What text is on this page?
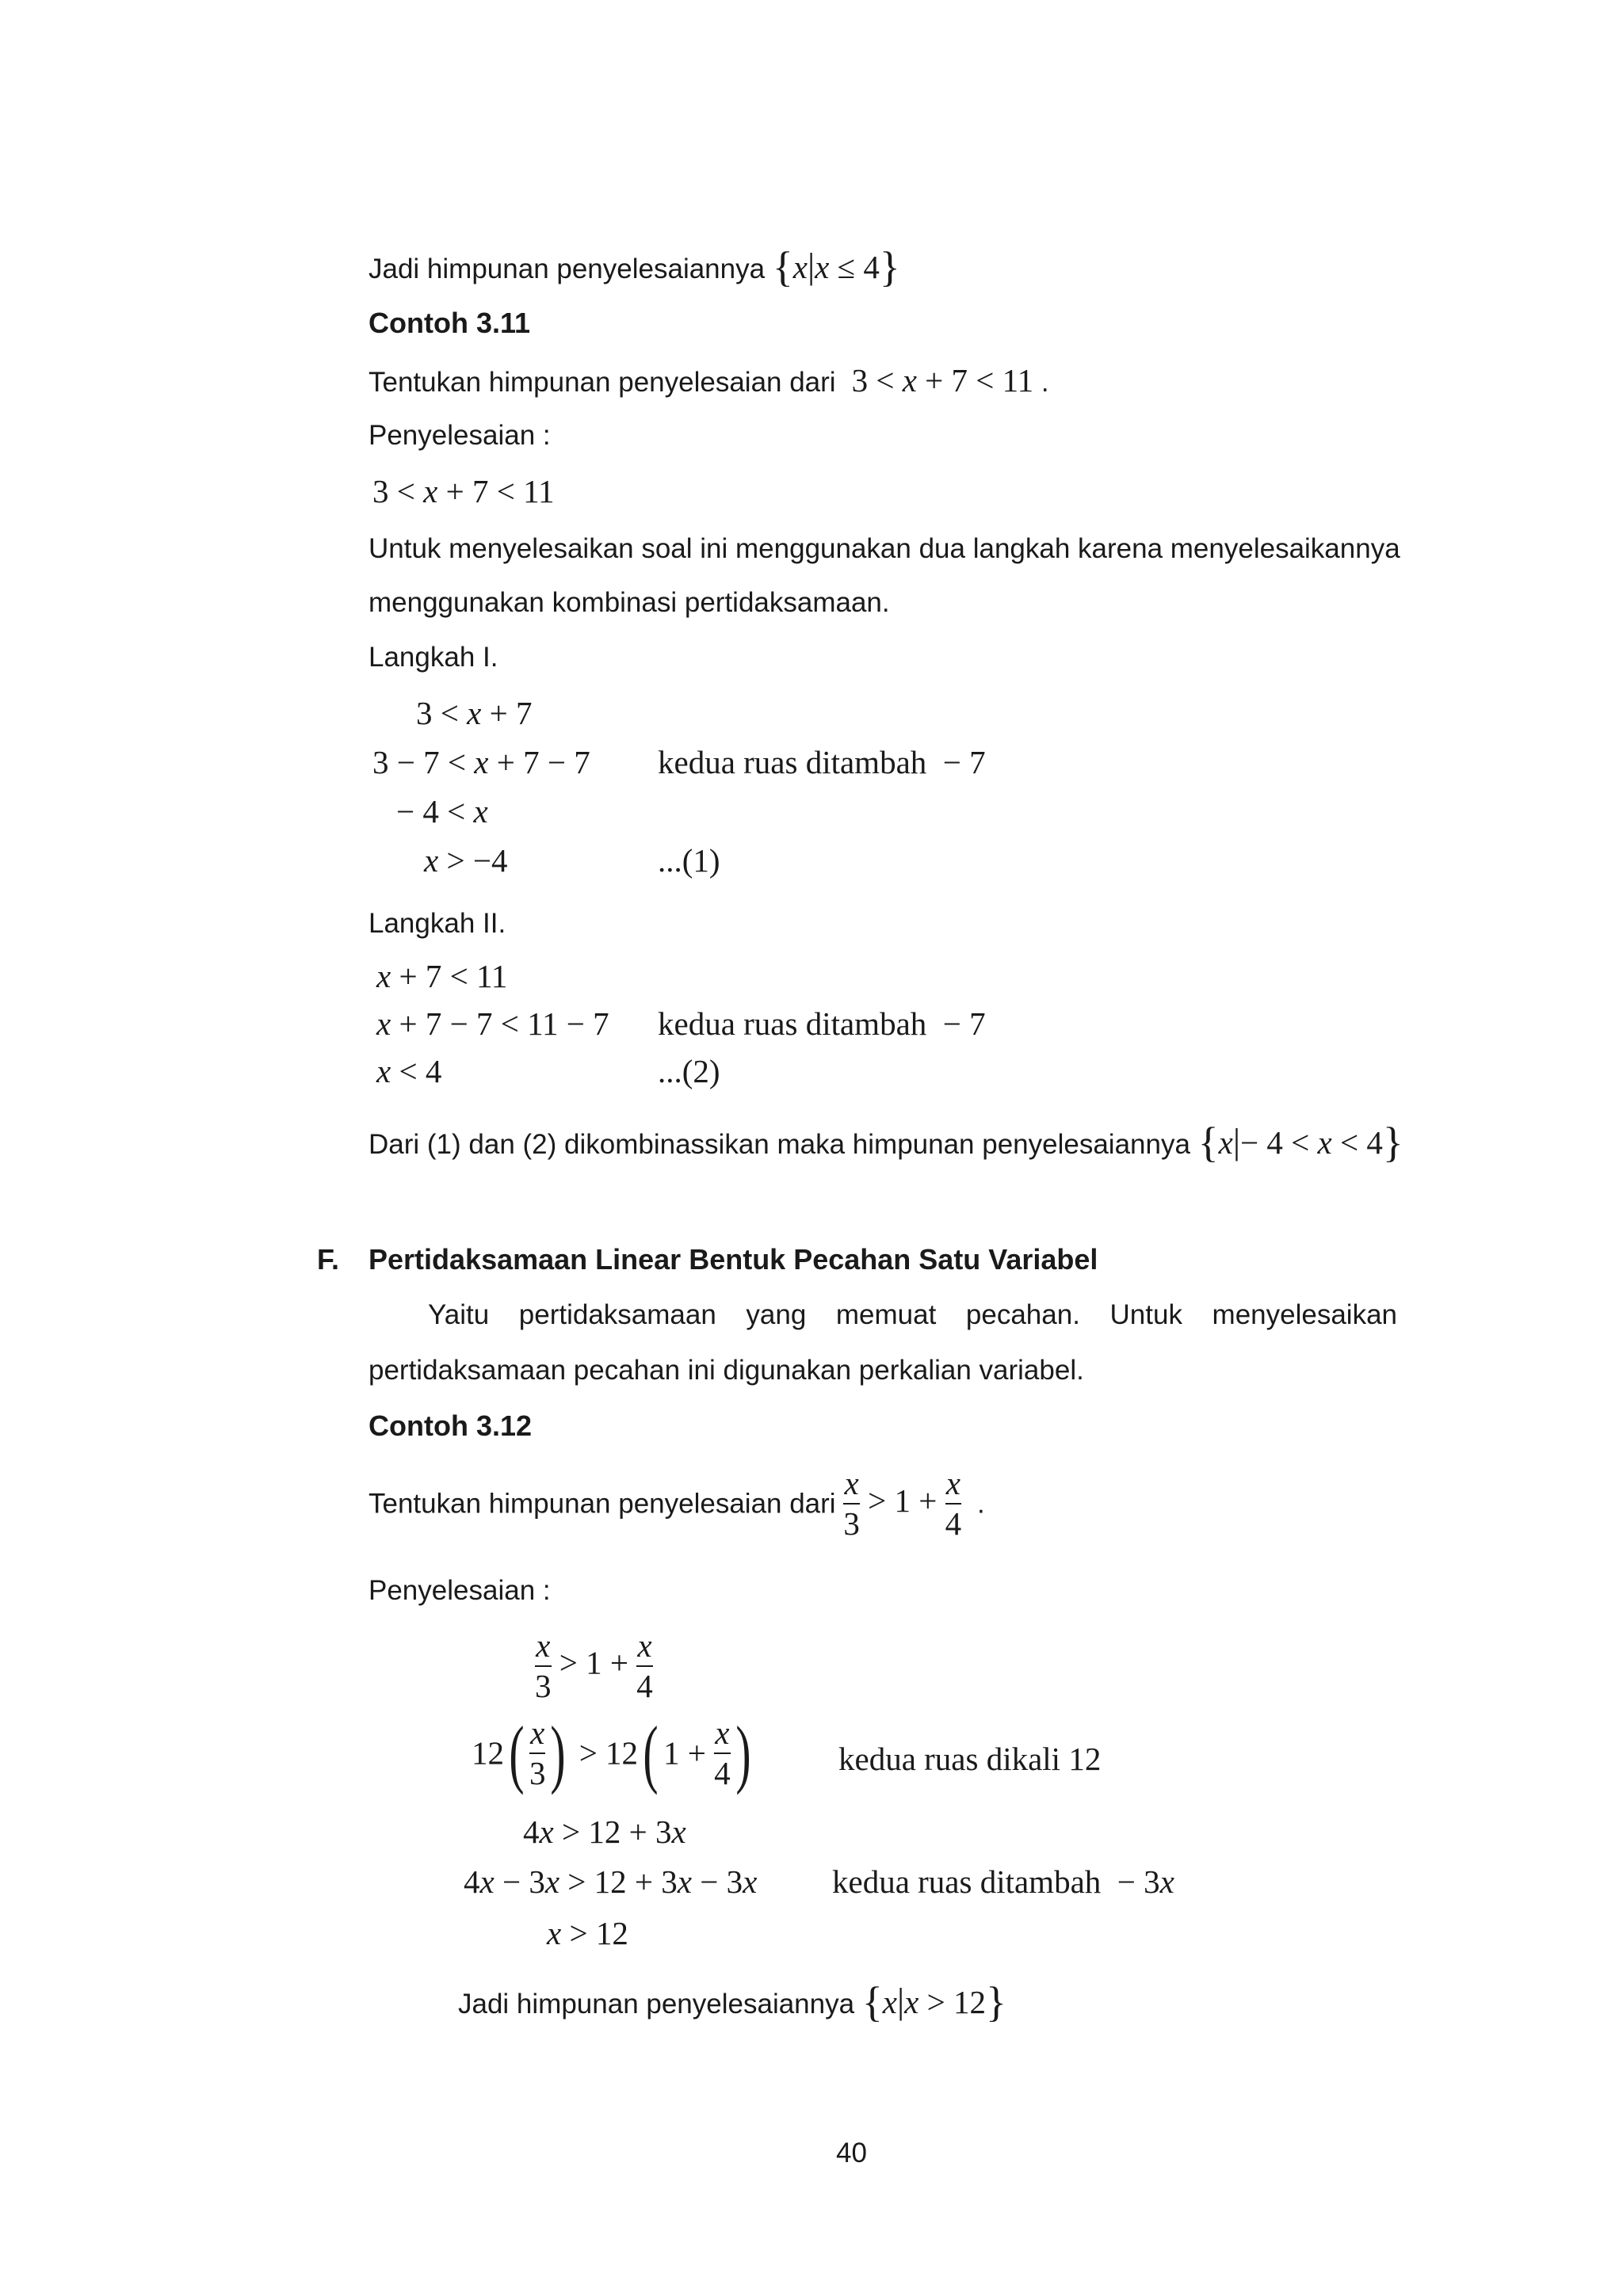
Jadi himpunan penyelesaiannya {x|x ≤ 4}
Contoh 3.11
Tentukan himpunan penyelesaian dari  3 < x + 7 < 11 .
Penyelesaian :
3 < x + 7 < 11
Untuk menyelesaikan soal ini menggunakan dua langkah karena menyelesaikannya
menggunakan kombinasi pertidaksamaan.
Langkah I.
3 < x + 7
3 − 7 < x + 7 − 7 kedua ruas ditambah  − 7
− 4 < x
x > −4	...(1)
Langkah II.
x + 7 < 11
x + 7 − 7 < 11 − 7 kedua ruas ditambah  − 7
x < 4	...(2)
Dari (1) dan (2) dikombinassikan maka himpunan penyelesaiannya {x|− 4 < x < 4}
F. Pertidaksamaan Linear Bentuk Pecahan Satu Variabel
Yaitu pertidaksamaan yang memuat pecahan. Untuk menyelesaikan
pertidaksamaan pecahan ini digunakan perkalian variabel.
Contoh 3.12
Tentukan himpunan penyelesaian dari $\frac{x}{3} > 1 + \frac{x}{4}$ .
Penyelesaian :
$\frac{x}{3} > 1 + \frac{x}{4}$
$12( \frac{x}{3}$ ) > 12( $1 + \frac{x}{4}$ )	kedua ruas dikali 12
4x > 12 + 3x
4x − 3x > 12 + 3x − 3x kedua ruas ditambah  − 3x
x > 12
Jadi himpunan penyelesaiannya {x|x > 12}
40
